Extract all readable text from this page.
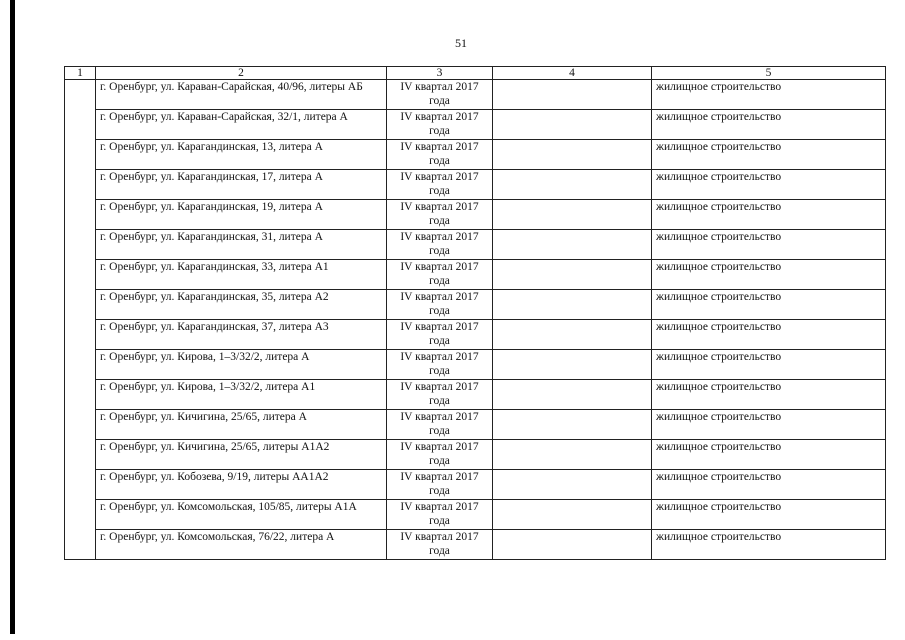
51
1	2	3	4	5
	г. Оренбург, ул. Караван-Сарайская, 40/96, литеры АБ	IV квартал 2017 года		жилищное строительство
	г. Оренбург, ул. Караван-Сарайская, 32/1, литера А	IV квартал 2017 года		жилищное строительство
	г. Оренбург, ул. Карагандинская, 13, литера А	IV квартал 2017 года		жилищное строительство
	г. Оренбург, ул. Карагандинская, 17, литера А	IV квартал 2017 года		жилищное строительство
	г. Оренбург, ул. Карагандинская, 19, литера А	IV квартал 2017 года		жилищное строительство
	г. Оренбург, ул. Карагандинская, 31, литера А	IV квартал 2017 года		жилищное строительство
	г. Оренбург, ул. Карагандинская, 33, литера А1	IV квартал 2017 года		жилищное строительство
	г. Оренбург, ул. Карагандинская, 35, литера А2	IV квартал 2017 года		жилищное строительство
	г. Оренбург, ул. Карагандинская, 37, литера А3	IV квартал 2017 года		жилищное строительство
	г. Оренбург, ул. Кирова, 1–3/32/2, литера А	IV квартал 2017 года		жилищное строительство
	г. Оренбург, ул. Кирова, 1–3/32/2, литера А1	IV квартал 2017 года		жилищное строительство
	г. Оренбург, ул. Кичигина, 25/65, литера А	IV квартал 2017 года		жилищное строительство
	г. Оренбург, ул. Кичигина, 25/65, литеры А1А2	IV квартал 2017 года		жилищное строительство
	г. Оренбург, ул. Кобозева, 9/19, литеры АА1А2	IV квартал 2017 года		жилищное строительство
	г. Оренбург, ул. Комсомольская, 105/85, литеры А1А	IV квартал 2017 года		жилищное строительство
	г. Оренбург, ул. Комсомольская, 76/22, литера А	IV квартал 2017 года		жилищное строительство
